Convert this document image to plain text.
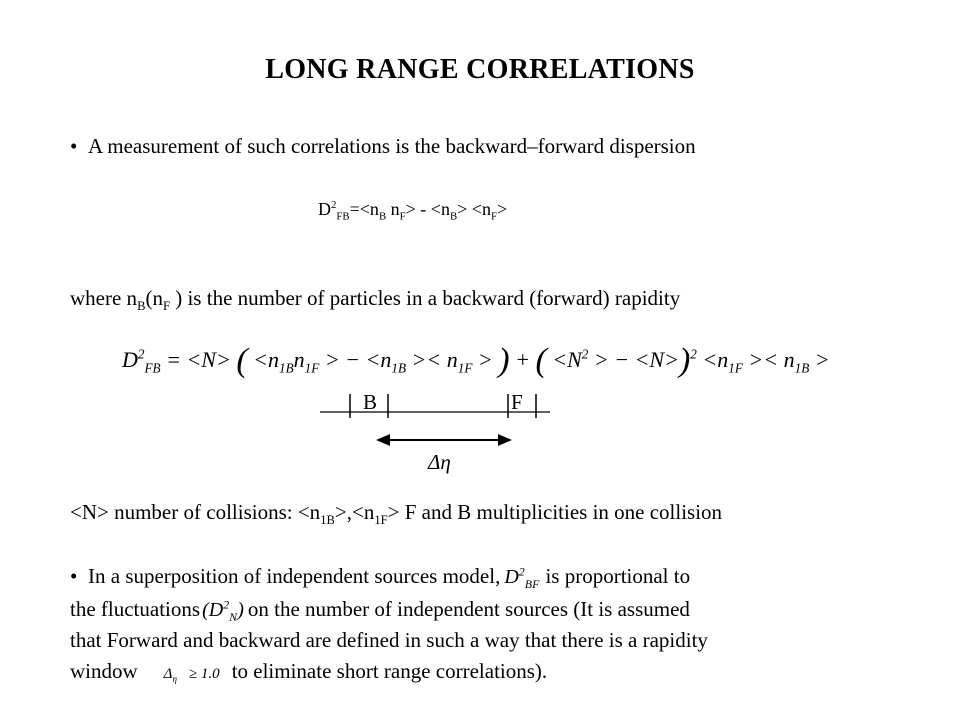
LONG RANGE CORRELATIONS
• A measurement of such correlations is the backward–forward dispersion
$D^2_{FB}=<n_B$ $n_F> - <n_B> <n_F>$
where $n_B(n_F$ ) is the number of particles in a backward (forward) rapidity
$D^2_{FB} = <N>$ ( $<n_{1B}n_{1F}$ > − $<n_{1B} >< n_{1F}$ > ) + ( $<N^2$ > − $<N>)^2 <n_{1F} >< n_{1B}$ >
B	F
Δη
<N> number of collisions: $<n_{1B}>,<n_{1F}> F$ and B multiplicities in one collision
• In a superposition of independent sources model, $D^2_{BF}$ is proportional to
the fluctuations $(D^2_N)$ on the number of independent sources (It is assumed
that Forward and backward are defined in such a way that there is a rapidity
window $\Delta_\eta \ge 1.0$ to eliminate short range correlations).
